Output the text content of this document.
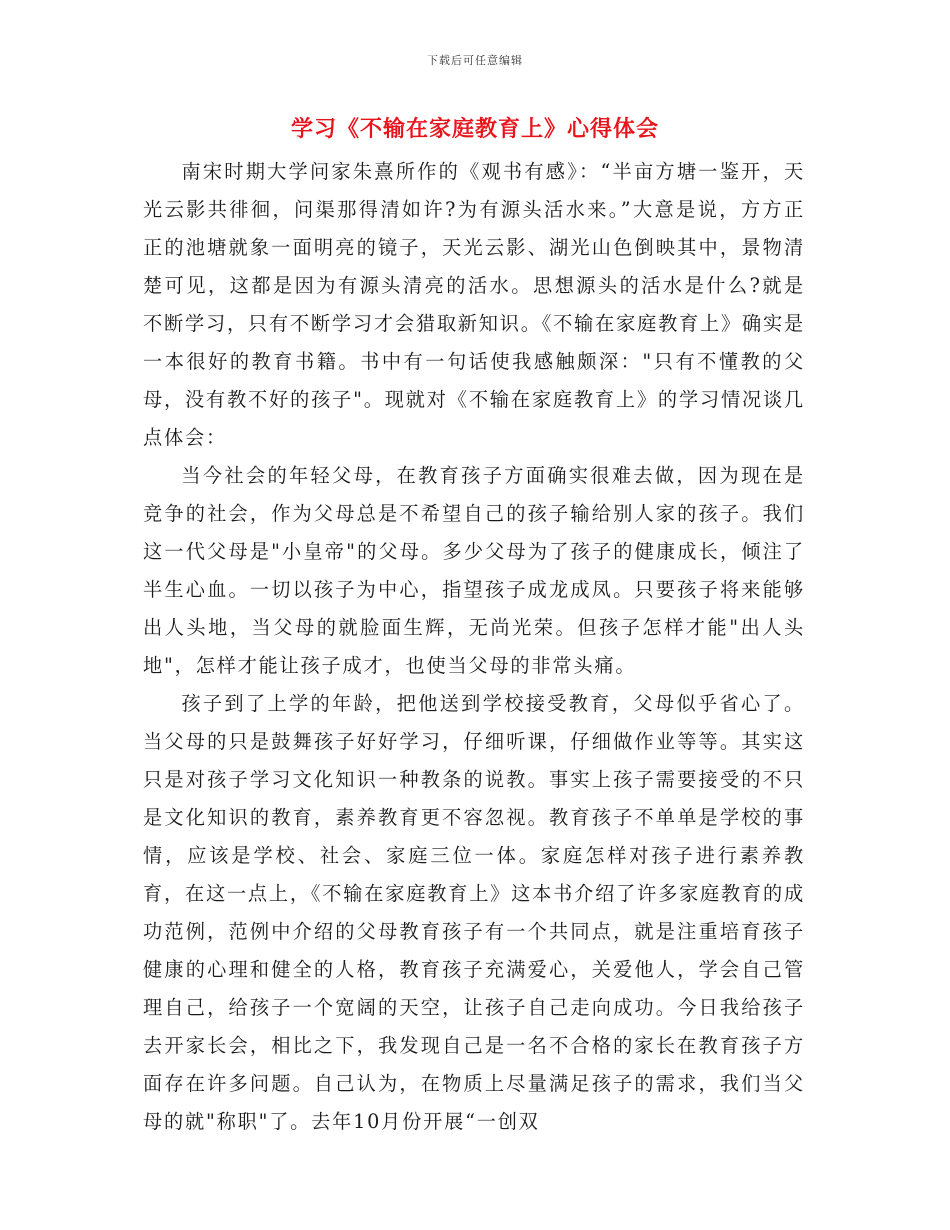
下载后可任意编辑
学习《不输在家庭教育上》心得体会

南宋时期大学问家朱熹所作的《观书有感》：“半亩方塘一鉴开，天光云影共徘徊，问渠那得清如许?为有源头活水来。”大意是说，方方正正的池塘就象一面明亮的镜子，天光云影、湖光山色倒映其中，景物清楚可见，这都是因为有源头清亮的活水。思想源头的活水是什么?就是不断学习，只有不断学习才会猎取新知识。《不输在家庭教育上》确实是一本很好的教育书籍。书中有一句话使我感触颇深："只有不懂教的父母，没有教不好的孩子"。现就对《不输在家庭教育上》的学习情况谈几点体会：

当今社会的年轻父母，在教育孩子方面确实很难去做，因为现在是竞争的社会，作为父母总是不希望自己的孩子输给别人家的孩子。我们这一代父母是"小皇帝"的父母。多少父母为了孩子的健康成长，倾注了半生心血。一切以孩子为中心，指望孩子成龙成凤。只要孩子将来能够出人头地，当父母的就脸面生辉，无尚光荣。但孩子怎样才能"出人头地"，怎样才能让孩子成才，也使当父母的非常头痛。

孩子到了上学的年龄，把他送到学校接受教育，父母似乎省心了。当父母的只是鼓舞孩子好好学习，仔细听课，仔细做作业等等。其实这只是对孩子学习文化知识一种教条的说教。事实上孩子需要接受的不只是文化知识的教育，素养教育更不容忽视。教育孩子不单单是学校的事情，应该是学校、社会、家庭三位一体。家庭怎样对孩子进行素养教育，在这一点上，《不输在家庭教育上》这本书介绍了许多家庭教育的成功范例，范例中介绍的父母教育孩子有一个共同点，就是注重培育孩子健康的心理和健全的人格，教育孩子充满爱心，关爱他人，学会自己管理自己，给孩子一个宽阔的天空，让孩子自己走向成功。今日我给孩子去开家长会，相比之下，我发现自己是一名不合格的家长在教育孩子方面存在许多问题。自己认为，在物质上尽量满足孩子的需求，我们当父母的就"称职"了。去年10月份开展“一创双
